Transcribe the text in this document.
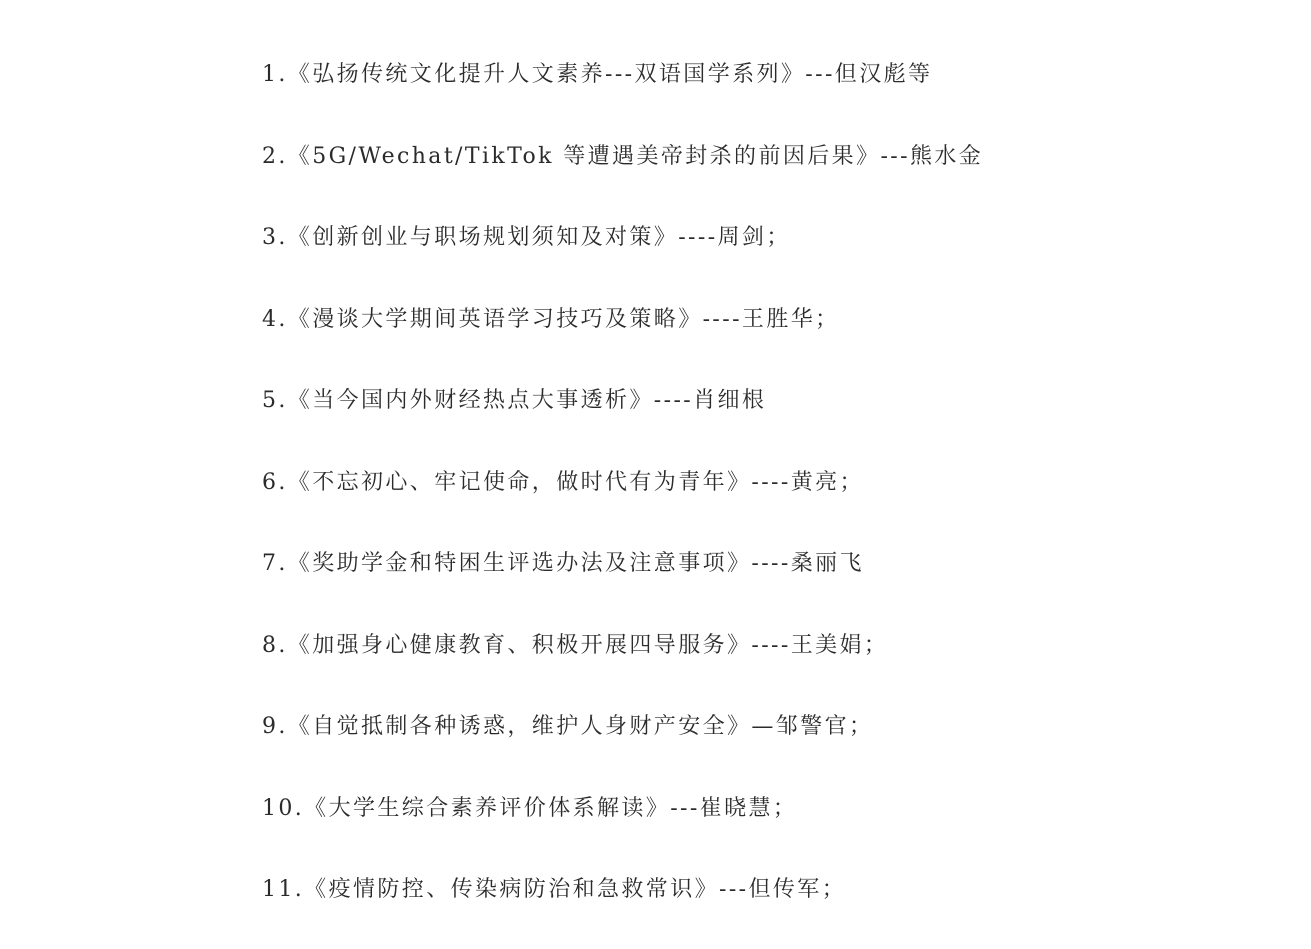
1.《弘扬传统文化提升人文素养---双语国学系列》---但汉彪等
2.《5G/Wechat/TikTok 等遭遇美帝封杀的前因后果》---熊水金
3.《创新创业与职场规划须知及对策》----周剑；
4.《漫谈大学期间英语学习技巧及策略》----王胜华；
5.《当今国内外财经热点大事透析》----肖细根
6.《不忘初心、牢记使命，做时代有为青年》----黄亮；
7.《奖助学金和特困生评选办法及注意事项》----桑丽飞
8.《加强身心健康教育、积极开展四导服务》----王美娟；
9.《自觉抵制各种诱惑，维护人身财产安全》—邹警官；
10.《大学生综合素养评价体系解读》---崔晓慧；
11.《疫情防控、传染病防治和急救常识》---但传军；
